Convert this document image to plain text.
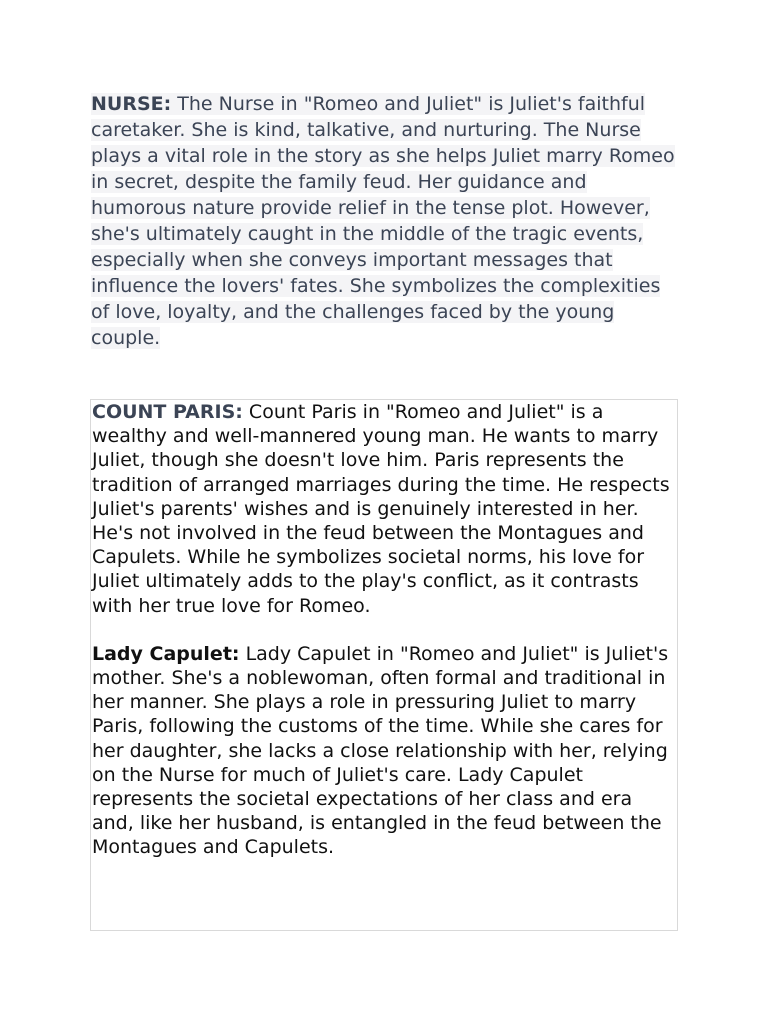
NURSE: The Nurse in "Romeo and Juliet" is Juliet's faithful caretaker. She is kind, talkative, and nurturing. The Nurse plays a vital role in the story as she helps Juliet marry Romeo in secret, despite the family feud. Her guidance and humorous nature provide relief in the tense plot. However, she's ultimately caught in the middle of the tragic events, especially when she conveys important messages that influence the lovers' fates. She symbolizes the complexities of love, loyalty, and the challenges faced by the young couple.

COUNT PARIS: Count Paris in "Romeo and Juliet" is a wealthy and well-mannered young man. He wants to marry Juliet, though she doesn't love him. Paris represents the tradition of arranged marriages during the time. He respects Juliet's parents' wishes and is genuinely interested in her. He's not involved in the feud between the Montagues and Capulets. While he symbolizes societal norms, his love for Juliet ultimately adds to the play's conflict, as it contrasts with her true love for Romeo.

Lady Capulet: Lady Capulet in "Romeo and Juliet" is Juliet's mother. She's a noblewoman, often formal and traditional in her manner. She plays a role in pressuring Juliet to marry Paris, following the customs of the time. While she cares for her daughter, she lacks a close relationship with her, relying on the Nurse for much of Juliet's care. Lady Capulet represents the societal expectations of her class and era and, like her husband, is entangled in the feud between the Montagues and Capulets.
